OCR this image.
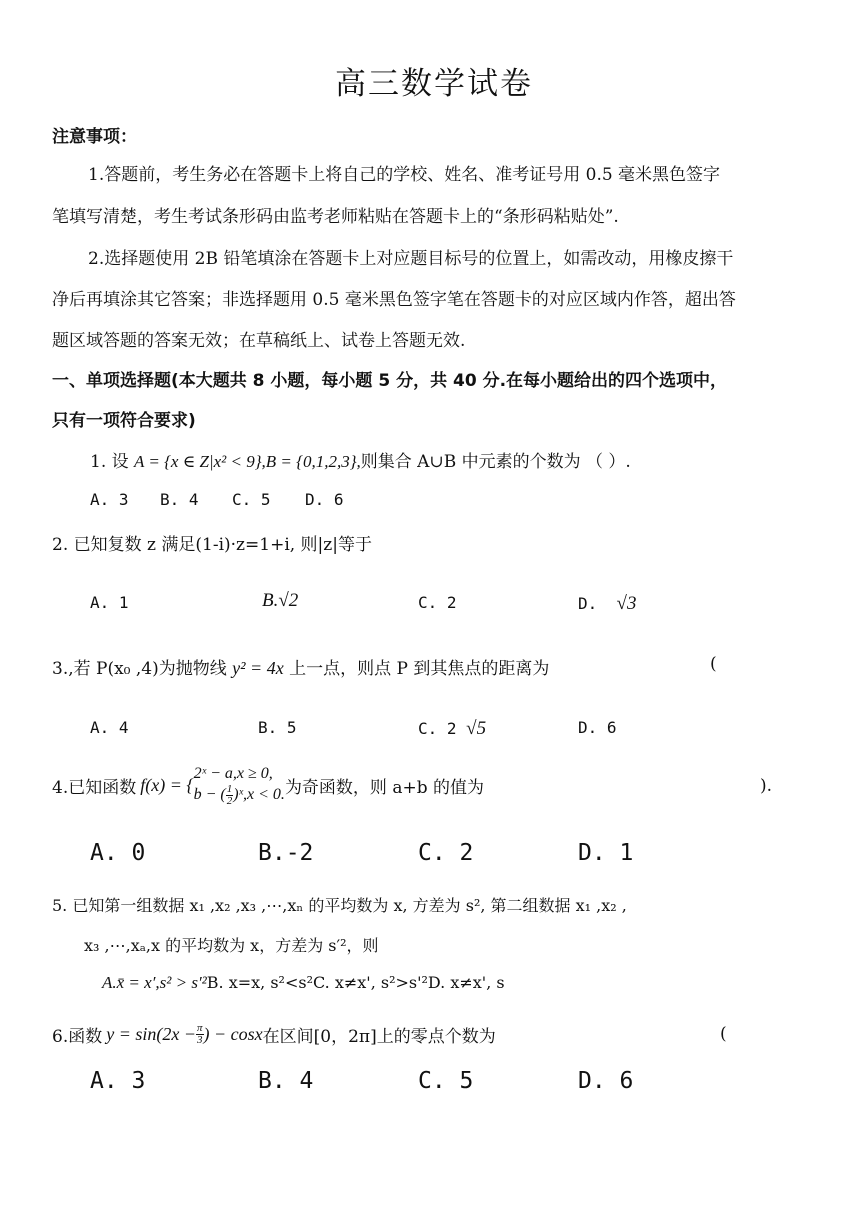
高三数学试卷
注意事项：
1.答题前，考生务必在答题卡上将自己的学校、姓名、准考证号用 0.5 毫米黑色签字
笔填写清楚，考生考试条形码由监考老师粘贴在答题卡上的“条形码粘贴处”.
2.选择题使用 2B 铅笔填涂在答题卡上对应题目标号的位置上，如需改动，用橡皮擦干
净后再填涂其它答案；非选择题用 0.5 毫米黑色签字笔在答题卡的对应区域内作答，超出答
题区域答题的答案无效；在草稿纸上、试卷上答题无效.
一、单项选择题(本大题共 8 小题，每小题 5 分，共 40 分.在每小题给出的四个选项中，
只有一项符合要求)
1. 设 A = {x ∈ Z|x² < 9},B = {0,1,2,3},则集合 A∪B 中元素的个数为 （ ）.
A. 3 B. 4 C. 5 D. 6
2. 已知复数 z 满足(1-i)·z=1+i, 则|z|等于
A. 1	B.√2	C. 2	D. √3
3.,若 P(x₀ ,4)为抛物线 y² = 4x 上一点，则点 P 到其焦点的距离为	(
A. 4	B. 5	C. 2 √5	D. 6
4.已知函数 f(x) = {
2ˣ − a,x ≥ 0,
b − ( $\frac{1}{2}$ )ˣ,x < 0. 为奇函数，则 a+b 的值为	).
A. 0	B.-2	C. 2	D. 1
5. 已知第一组数据 x₁ ,x₂ ,x₃ ,⋯,xₙ 的平均数为 x, 方差为 s², 第二组数据 x₁ ,x₂ ,
x₃ ,⋯,xₐ,x 的平均数为 x，方差为 s′²，则
A.x̄ = x′,s² > s′²B. x=x, s²<s²C. x≠x', s²>s'²D. x≠x', s
6.函数 $y = \sin(2x - \frac{\pi}{3}$ ) − cosx 在区间[0，2π]上的零点个数为	(
A. 3	B. 4	C. 5	D. 6
